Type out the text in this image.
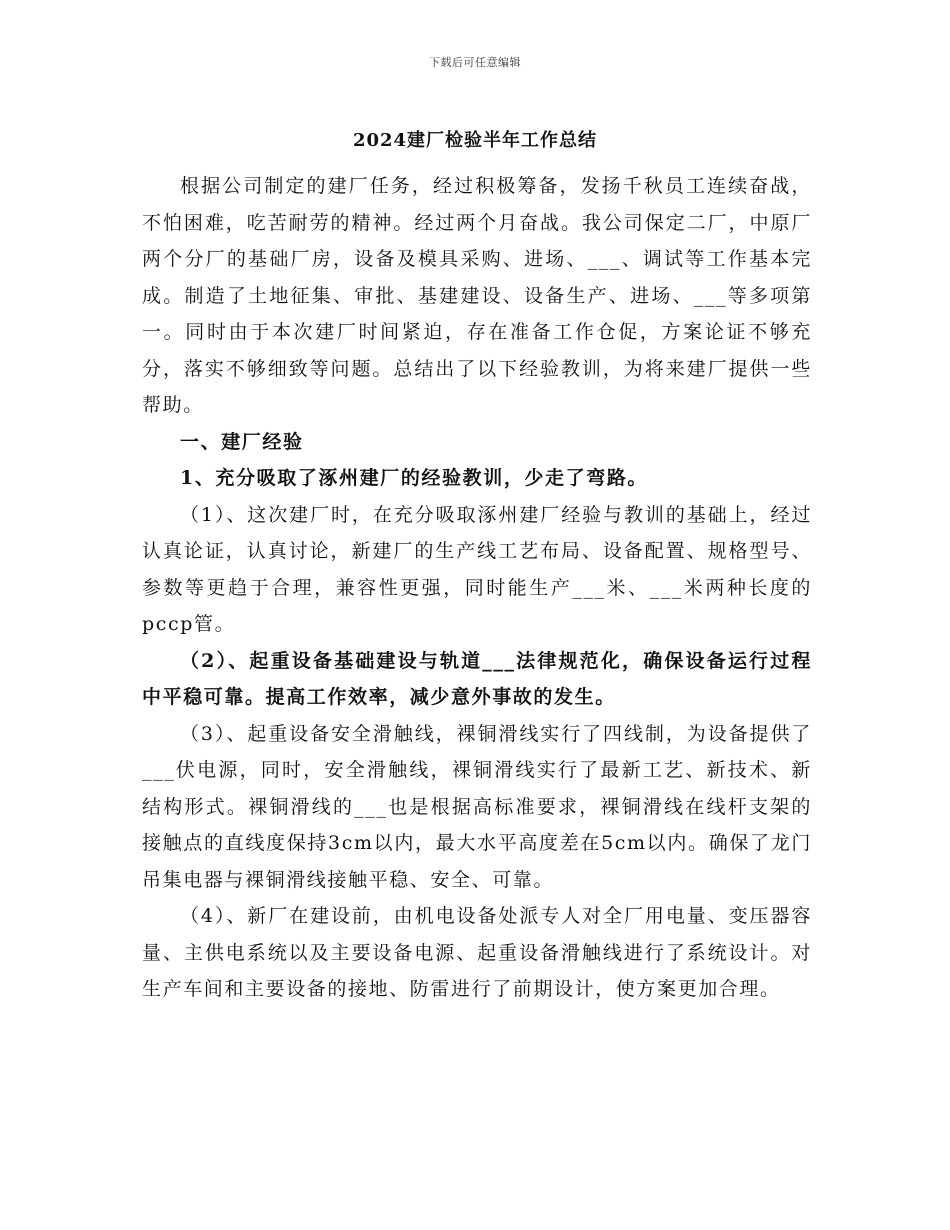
下载后可任意编辑
2024建厂检验半年工作总结

根据公司制定的建厂任务，经过积极筹备，发扬千秋员工连续奋战，不怕困难，吃苦耐劳的精神。经过两个月奋战。我公司保定二厂，中原厂两个分厂的基础厂房，设备及模具采购、进场、___、调试等工作基本完成。制造了土地征集、审批、基建建设、设备生产、进场、___等多项第一。同时由于本次建厂时间紧迫，存在准备工作仓促，方案论证不够充分，落实不够细致等问题。总结出了以下经验教训，为将来建厂提供一些帮助。

一、建厂经验

1、充分吸取了涿州建厂的经验教训，少走了弯路。

（1）、这次建厂时，在充分吸取涿州建厂经验与教训的基础上，经过认真论证，认真讨论，新建厂的生产线工艺布局、设备配置、规格型号、参数等更趋于合理，兼容性更强，同时能生产___米、___米两种长度的pccp管。

（2）、起重设备基础建设与轨道___法律规范化，确保设备运行过程中平稳可靠。提高工作效率，减少意外事故的发生。

（3）、起重设备安全滑触线，裸铜滑线实行了四线制，为设备提供了___伏电源，同时，安全滑触线，裸铜滑线实行了最新工艺、新技术、新结构形式。裸铜滑线的___也是根据高标准要求，裸铜滑线在线杆支架的接触点的直线度保持3cm以内，最大水平高度差在5cm以内。确保了龙门吊集电器与裸铜滑线接触平稳、安全、可靠。

（4）、新厂在建设前，由机电设备处派专人对全厂用电量、变压器容量、主供电系统以及主要设备电源、起重设备滑触线进行了系统设计。对生产车间和主要设备的接地、防雷进行了前期设计，使方案更加合理。
